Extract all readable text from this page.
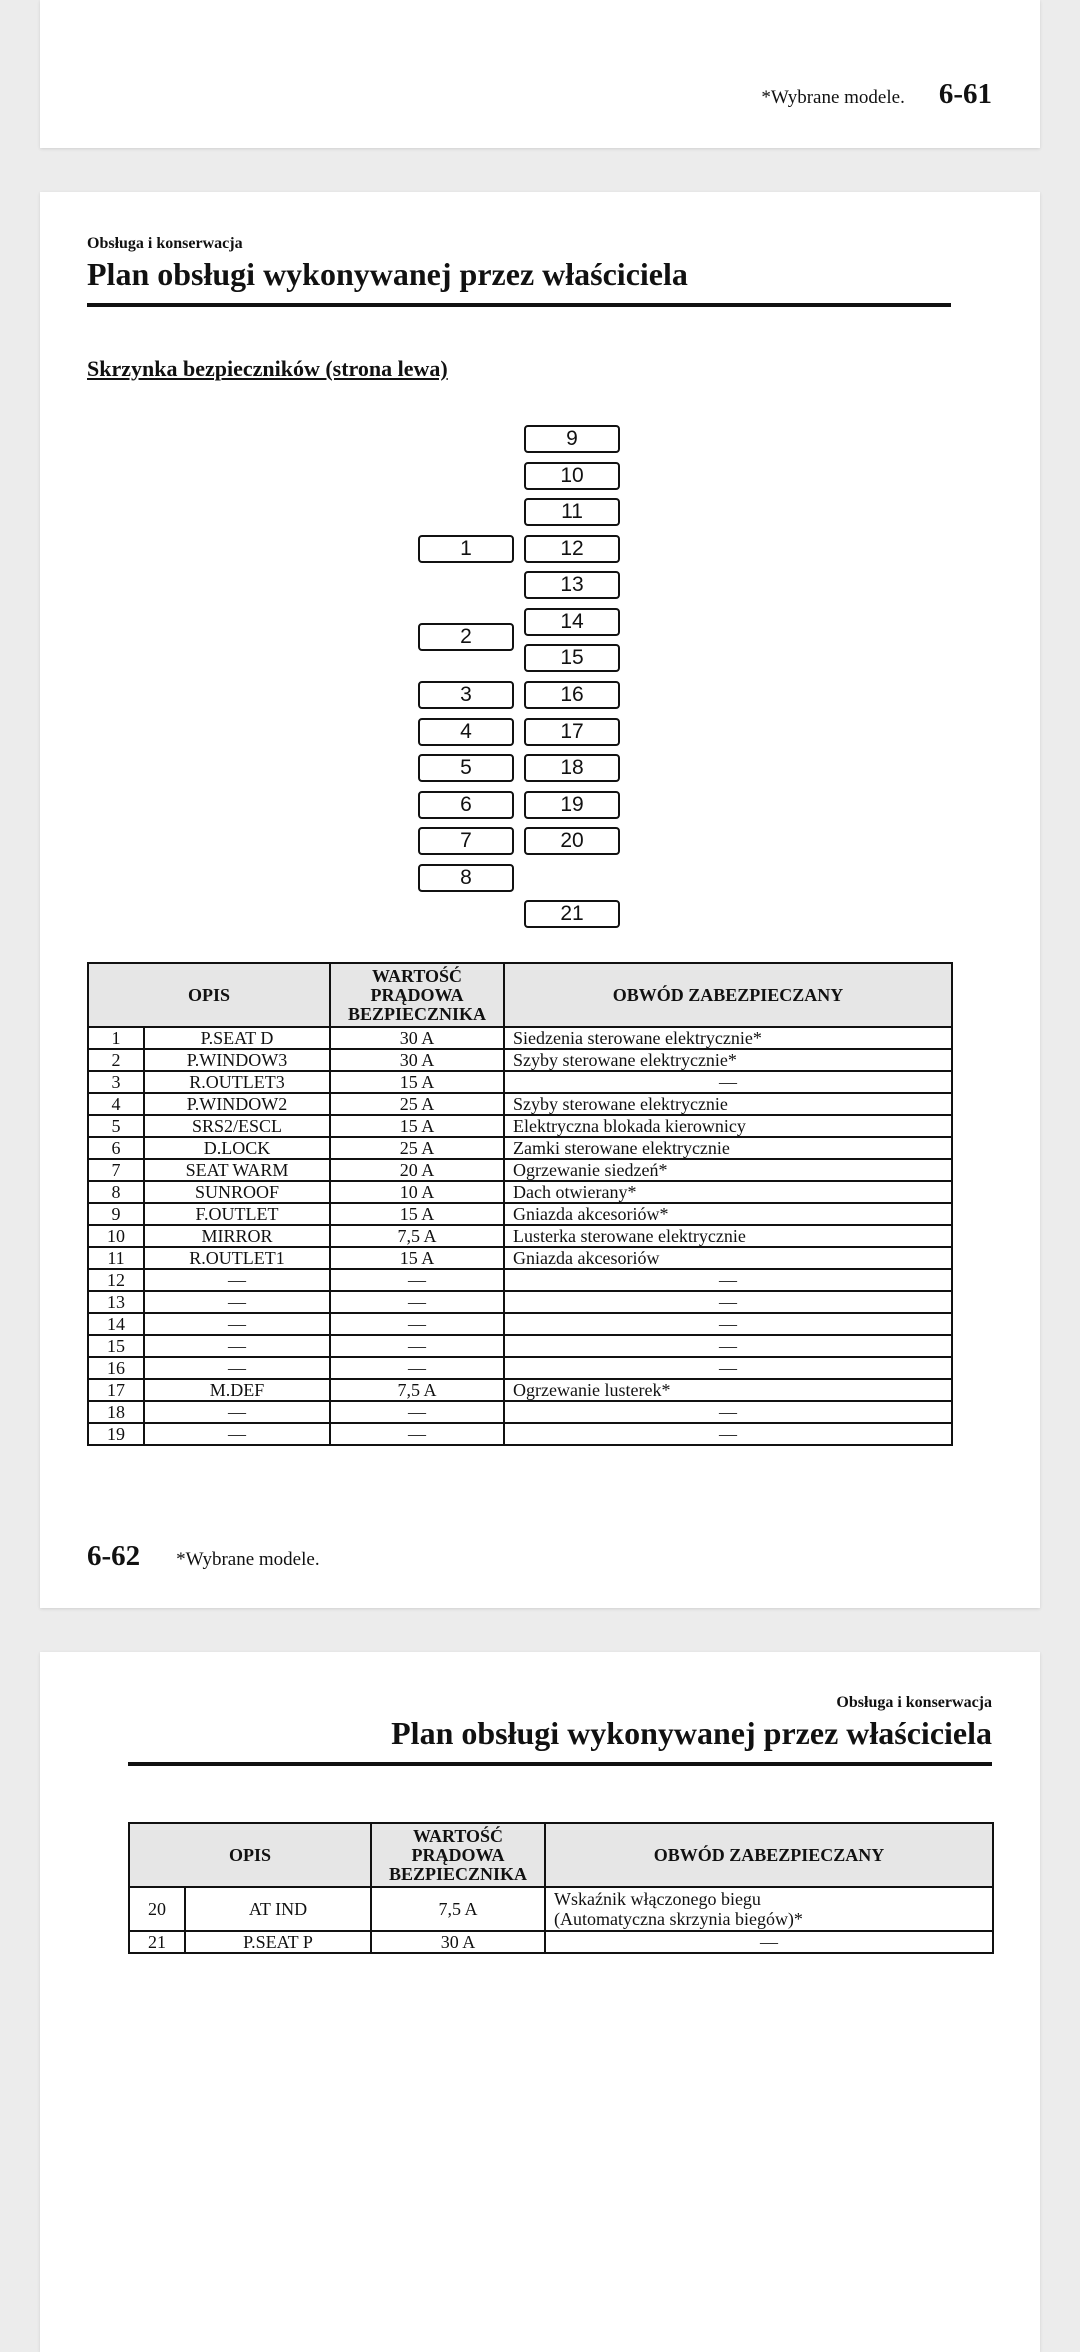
*Wybrane modele. 6-61
Obsługa i konserwacja
Plan obsługi wykonywanej przez właściciela
Skrzynka bezpieczników (strona lewa)
1
2
3
4
5
6
7
8
9
10
11
12
13
14
15
16
17
18
19
20
21
OPIS		WARTOŚĆ
PRĄDOWA
BEZPIECZNIKA	OBWÓD ZABEZPIECZANY
1	P.SEAT D	30 A	Siedzenia sterowane elektrycznie*
2	P.WINDOW3	30 A	Szyby sterowane elektrycznie*
3	R.OUTLET3	15 A	—
4	P.WINDOW2	25 A	Szyby sterowane elektrycznie
5	SRS2/ESCL	15 A	Elektryczna blokada kierownicy
6	D.LOCK	25 A	Zamki sterowane elektrycznie
7	SEAT WARM	20 A	Ogrzewanie siedzeń*
8	SUNROOF	10 A	Dach otwierany*
9	F.OUTLET	15 A	Gniazda akcesoriów*
10	MIRROR	7,5 A	Lusterka sterowane elektrycznie
11	R.OUTLET1	15 A	Gniazda akcesoriów
12	—	—	—
13	—	—	—
14	—	—	—
15	—	—	—
16	—	—	—
17	M.DEF	7,5 A	Ogrzewanie lusterek*
18	—	—	—
19	—	—	—
6-62 *Wybrane modele.
Obsługa i konserwacja
Plan obsługi wykonywanej przez właściciela
OPIS		WARTOŚĆ
PRĄDOWA
BEZPIECZNIKA	OBWÓD ZABEZPIECZANY
20	AT IND	7,5 A	Wskaźnik włączonego biegu
(Automatyczna skrzynia biegów)*
21	P.SEAT P	30 A	—
